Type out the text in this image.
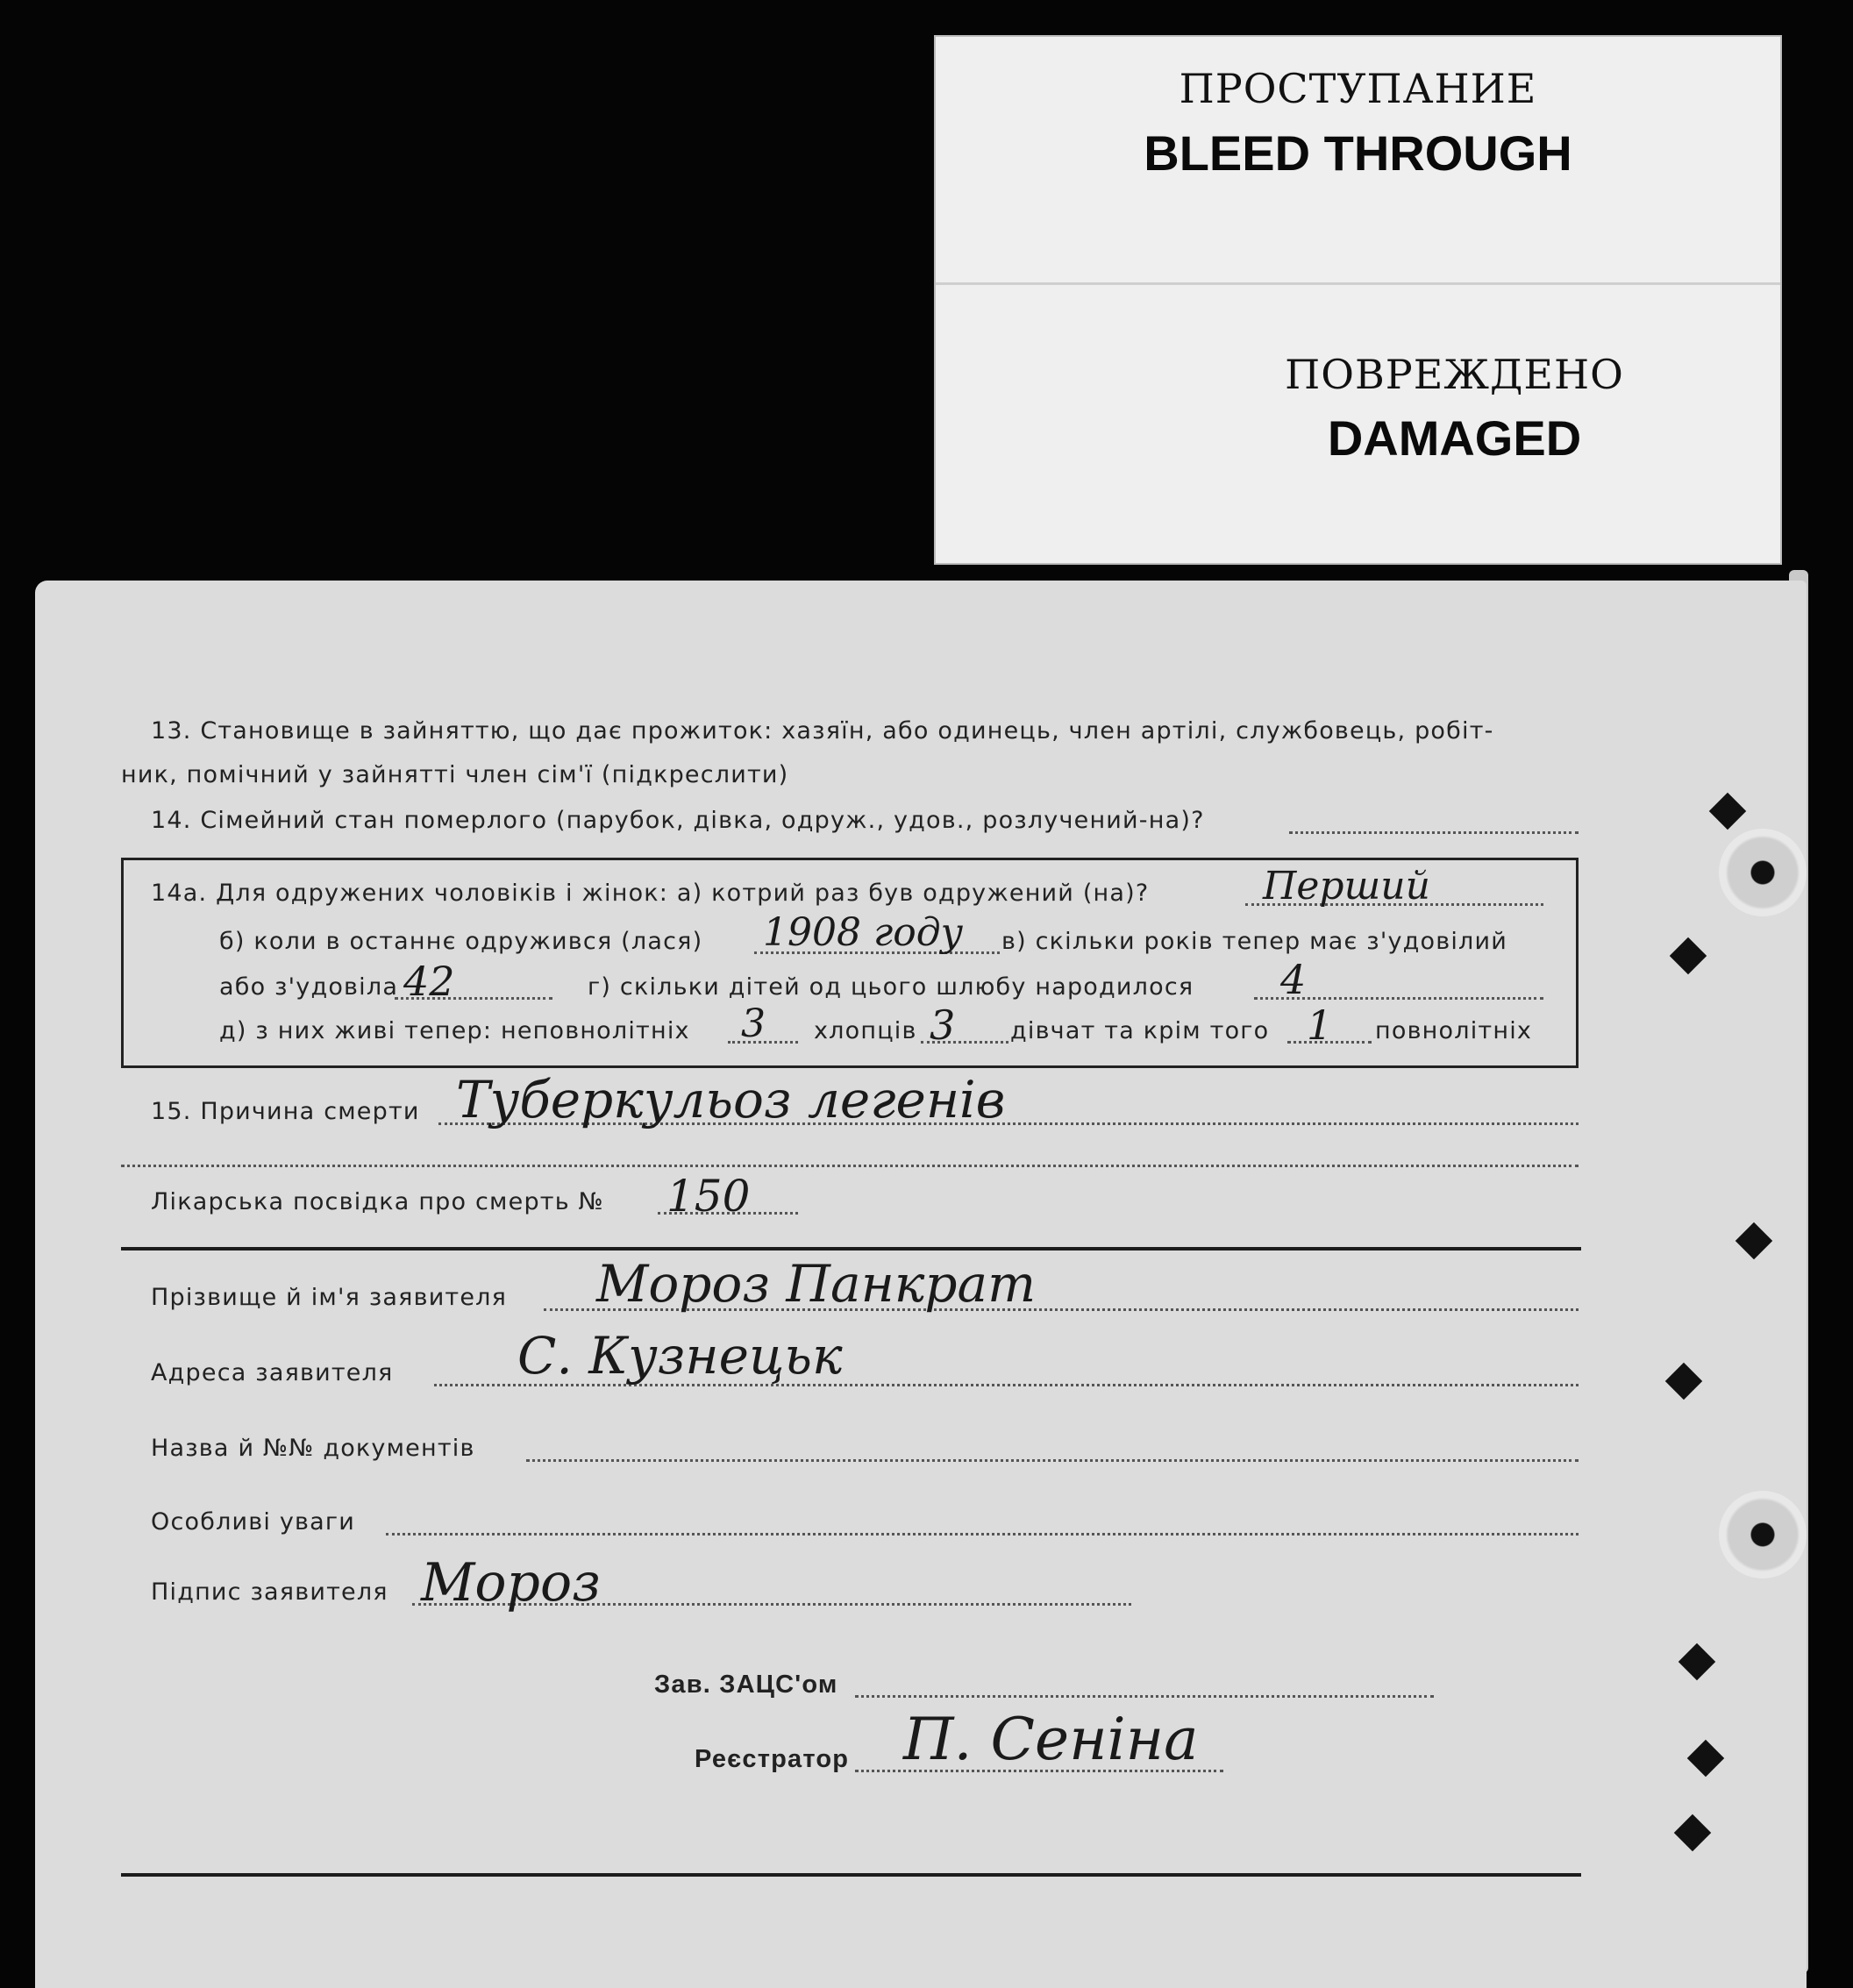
ПРОСТУПАНИЕ
BLEED THROUGH
ПОВРЕЖДЕНО
DAMAGED
13. Становище в зайняттю, що дає прожиток: хазяїн, або одинець, член артілі, службовець, робіт-
ник, помічний у зайнятті член сім'ї (підкреслити)
14. Сімейний стан померлого (парубок, дівка, одруж., удов., розлучений-на)?
14а. Для одружених чоловіків і жінок: а) котрий раз був одружений (на)?	Перший
б) коли в останнє одружився (лася) 1908 году в) скільки років тепер має з'удовілий
або з'удовіла 42	г) скільки дітей од цього шлюбу народилося 4
д) з них живі тепер: неповнолітніх 3 хлопців 3 дівчат та крім того 1 повнолітніх
15. Причина смерти Туберкульоз легенів
Лікарська посвідка про смерть № 150
Прізвище й ім'я заявителя Мороз Панкрат
Адреса заявителя С. Кузнецьк
Назва й №№ документів
Особливі уваги
Підпис заявителя Мороз
Зав. ЗАЦС'ом
Реєстратор П. Сеніна
